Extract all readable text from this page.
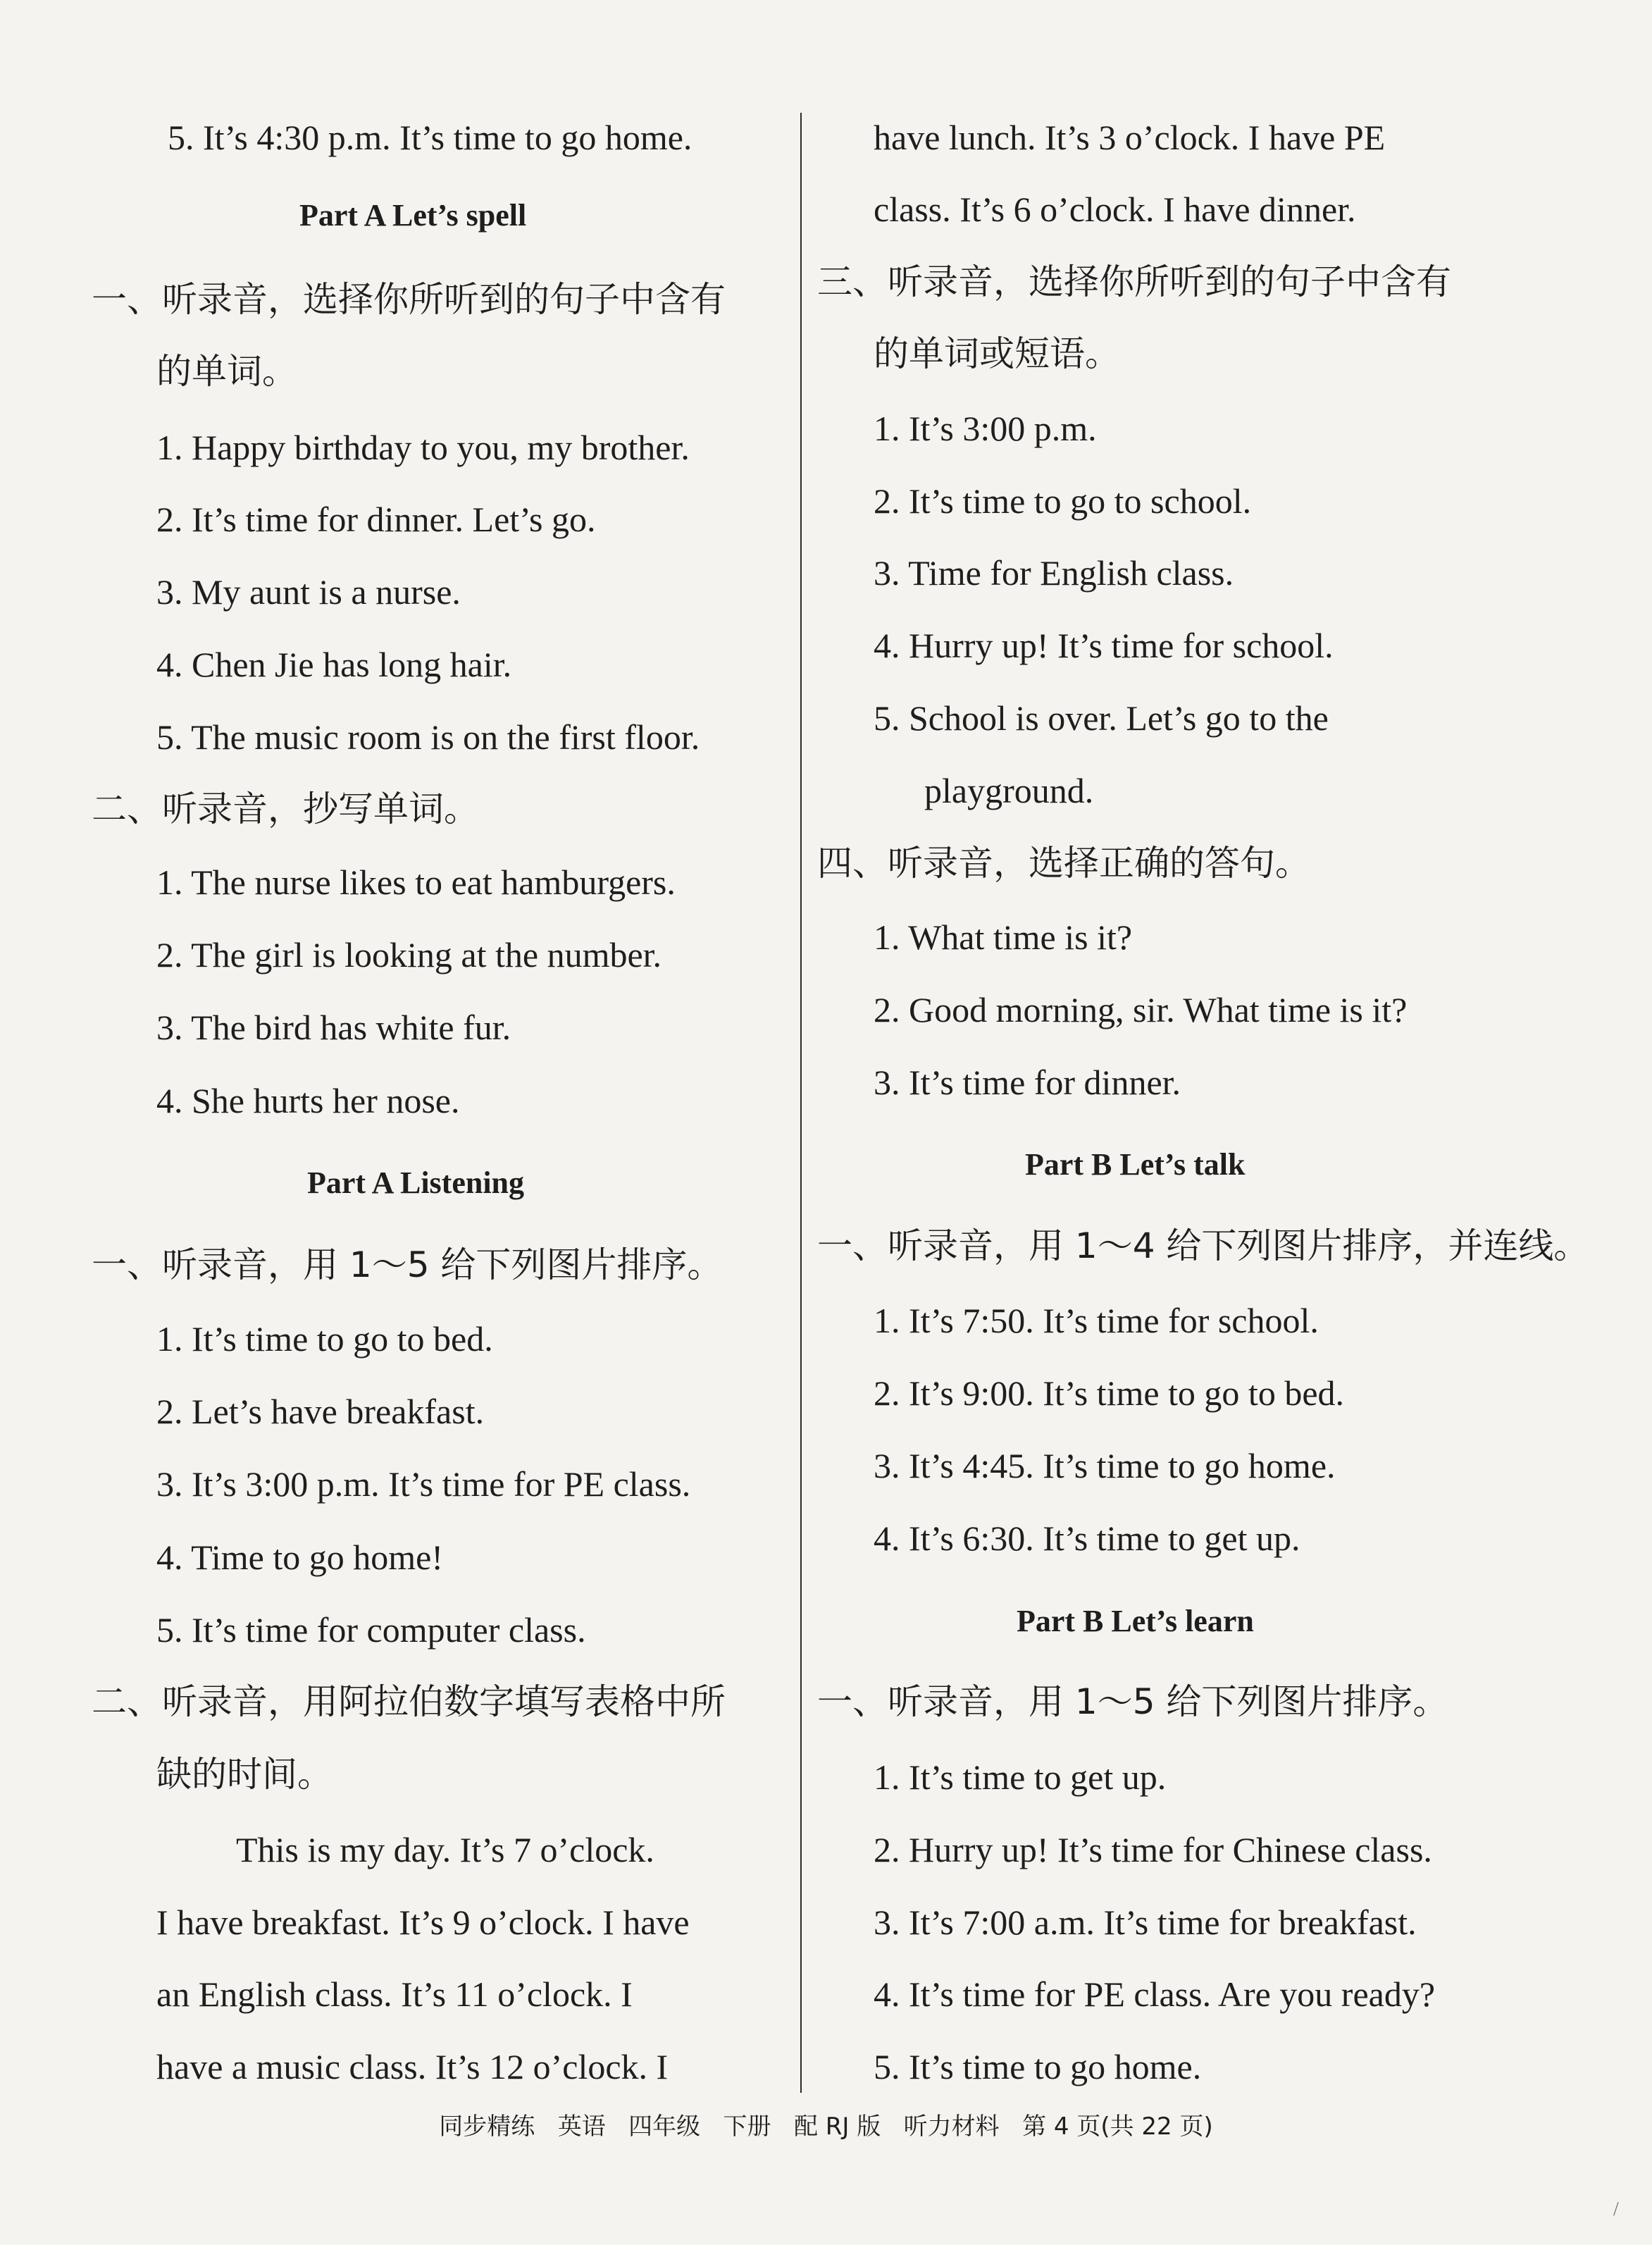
5. It’s 4:30 p.m. It’s time to go home.
Part A Let’s spell
一、听录音，选择你所听到的句子中含有
的单词。
1. Happy birthday to you, my brother.
2. It’s time for dinner. Let’s go.
3. My aunt is a nurse.
4. Chen Jie has long hair.
5. The music room is on the first floor.
二、听录音，抄写单词。
1. The nurse likes to eat hamburgers.
2. The girl is looking at the number.
3. The bird has white fur.
4. She hurts her nose.
Part A Listening
一、听录音，用 1～5 给下列图片排序。
1. It’s time to go to bed.
2. Let’s have breakfast.
3. It’s 3:00 p.m. It’s time for PE class.
4. Time to go home!
5. It’s time for computer class.
二、听录音，用阿拉伯数字填写表格中所
缺的时间。
This is my day. It’s 7 o’clock.
I have breakfast. It’s 9 o’clock. I have
an English class. It’s 11 o’clock. I
have a music class. It’s 12 o’clock. I
have lunch. It’s 3 o’clock. I have PE
class. It’s 6 o’clock. I have dinner.
三、听录音，选择你所听到的句子中含有
的单词或短语。
1. It’s 3:00 p.m.
2. It’s time to go to school.
3. Time for English class.
4. Hurry up! It’s time for school.
5. School is over. Let’s go to the
playground.
四、听录音，选择正确的答句。
1. What time is it?
2. Good morning, sir. What time is it?
3. It’s time for dinner.
Part B Let’s talk
一、听录音，用 1～4 给下列图片排序，并连线。
1. It’s 7:50. It’s time for school.
2. It’s 9:00. It’s time to go to bed.
3. It’s 4:45. It’s time to go home.
4. It’s 6:30. It’s time to get up.
Part B Let’s learn
一、听录音，用 1～5 给下列图片排序。
1. It’s time to get up.
2. Hurry up! It’s time for Chinese class.
3. It’s 7:00 a.m. It’s time for breakfast.
4. It’s time for PE class. Are you ready?
5. It’s time to go home.
同步精练   英语   四年级   下册   配 RJ 版   听力材料   第 4 页(共 22 页)
/
